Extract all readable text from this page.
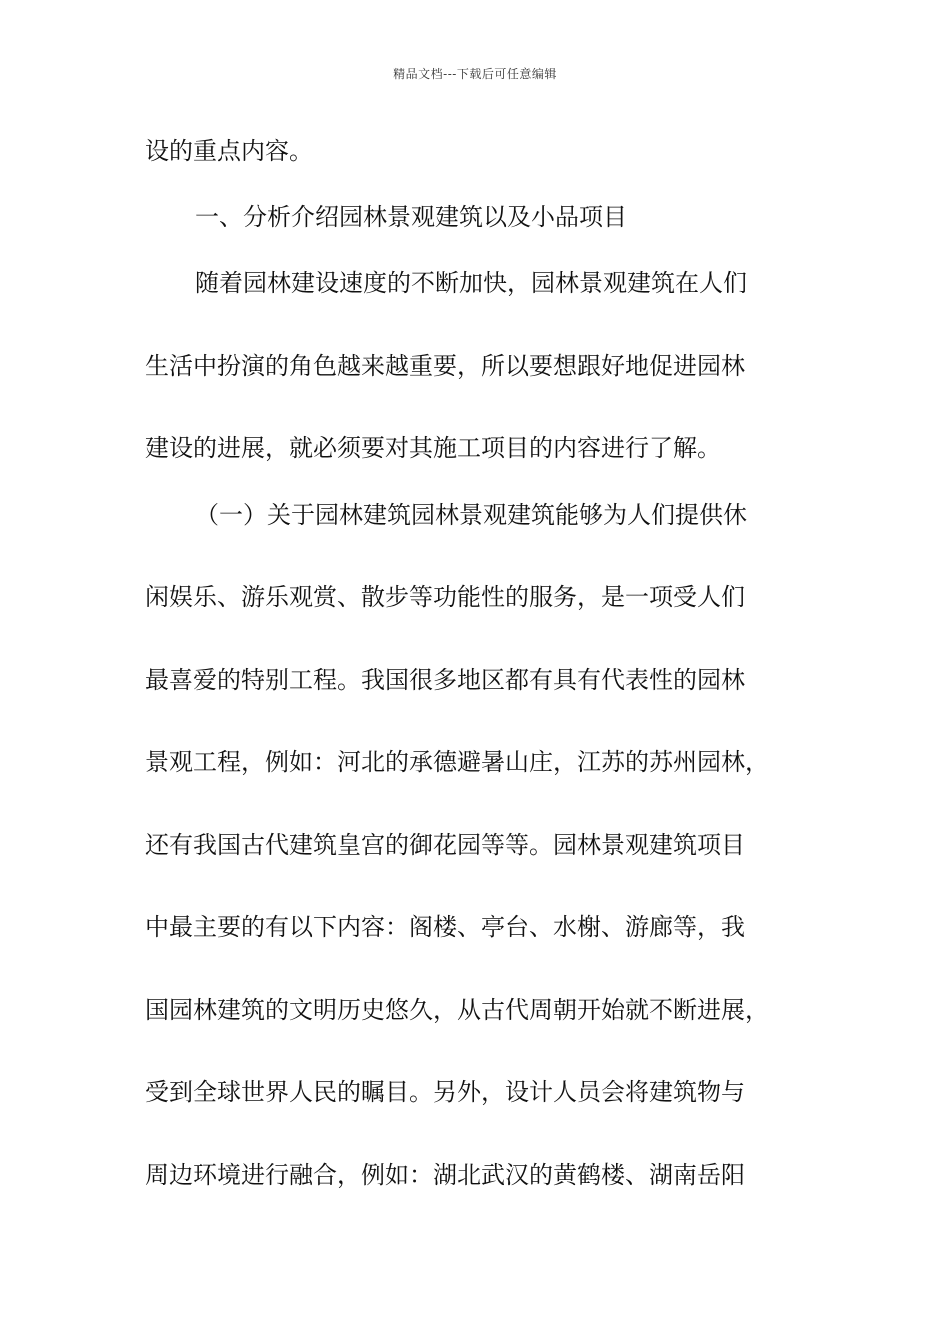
精品文档---下载后可任意编辑
设的重点内容。
一、分析介绍园林景观建筑以及小品项目
随着园林建设速度的不断加快，园林景观建筑在人们
生活中扮演的角色越来越重要，所以要想跟好地促进园林
建设的进展，就必须要对其施工项目的内容进行了解。
（一）关于园林建筑园林景观建筑能够为人们提供休
闲娱乐、游乐观赏、散步等功能性的服务，是一项受人们
最喜爱的特别工程。我国很多地区都有具有代表性的园林
景观工程，例如：河北的承德避暑山庄，江苏的苏州园林，
还有我国古代建筑皇宫的御花园等等。园林景观建筑项目
中最主要的有以下内容：阁楼、亭台、水榭、游廊等，我
国园林建筑的文明历史悠久，从古代周朝开始就不断进展，
受到全球世界人民的瞩目。另外，设计人员会将建筑物与
周边环境进行融合，例如：湖北武汉的黄鹤楼、湖南岳阳
